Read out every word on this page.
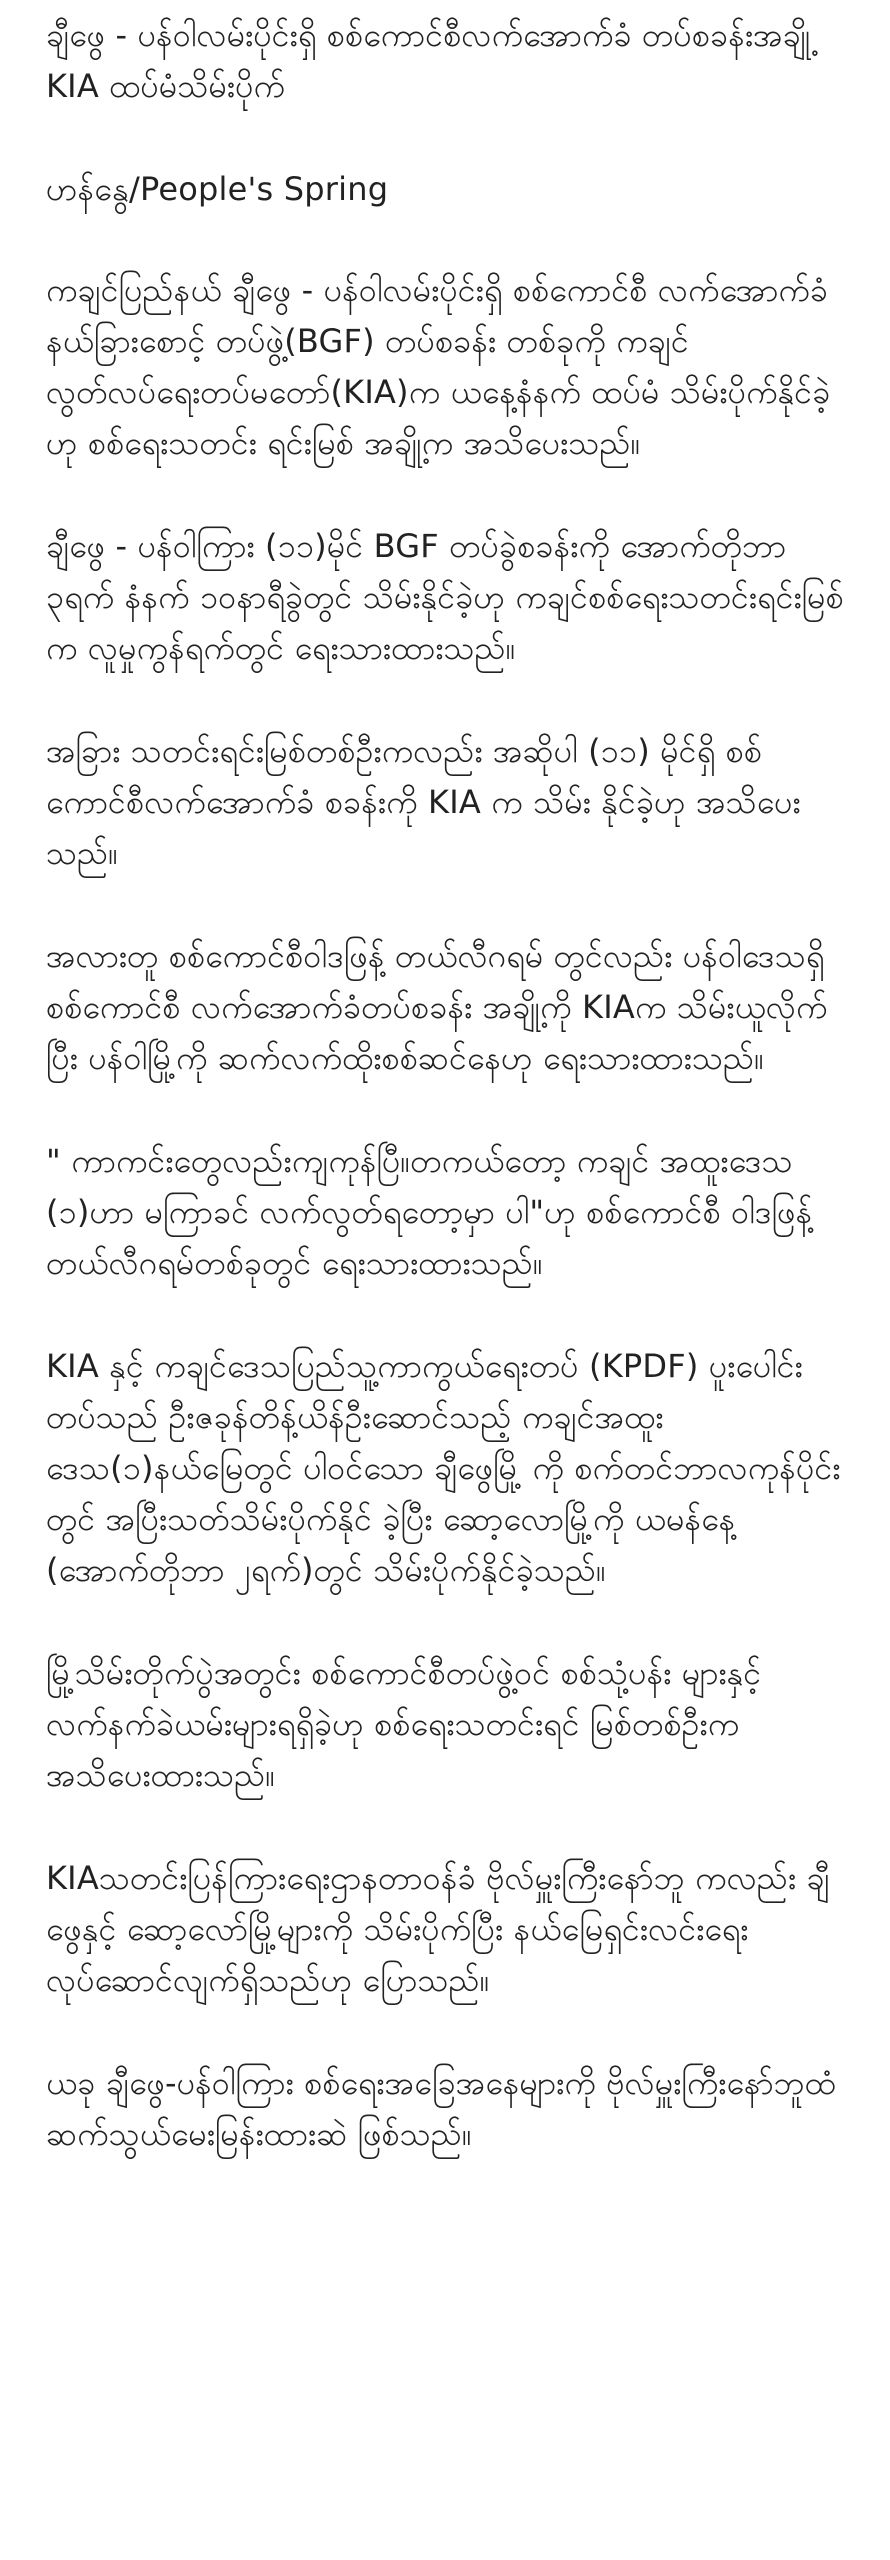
ချီဖွေ - ပန်ဝါလမ်းပိုင်းရှိ စစ်ကောင်စီလက်အောက်ခံ တပ်စခန်းအချို့ KIA ထပ်မံသိမ်းပိုက်

ဟန်နွေ/People's Spring

ကချင်ပြည်နယ် ချီဖွေ - ပန်ဝါလမ်းပိုင်းရှိ စစ်ကောင်စီ လက်အောက်ခံ နယ်ခြားစောင့် တပ်ဖွဲ့(BGF) တပ်စခန်း တစ်ခုကို ကချင် လွတ်လပ်ရေးတပ်မတော်(KIA)က ယနေ့နံနက် ထပ်မံ သိမ်းပိုက်နိုင်ခဲ့ဟု စစ်ရေးသတင်း ရင်းမြစ် အချို့က အသိပေးသည်။

ချီဖွေ - ပန်ဝါကြား (၁၁)မိုင် BGF တပ်ခွဲစခန်းကို အောက်တိုဘာ ၃ရက် နံနက် ၁၀နာရီခွဲတွင် သိမ်းနိုင်ခဲ့ဟု ကချင်စစ်ရေးသတင်းရင်းမြစ်က လူမှုကွန်ရက်တွင် ရေးသားထားသည်။

အခြား သတင်းရင်းမြစ်တစ်ဦးကလည်း အဆိုပါ (၁၁) မိုင်ရှိ စစ်ကောင်စီလက်အောက်ခံ စခန်းကို KIA က သိမ်း နိုင်ခဲ့ဟု အသိပေးသည်။

အလားတူ စစ်ကောင်စီဝါဒဖြန့် တယ်လီဂရမ် တွင်လည်း ပန်ဝါဒေသရှိ စစ်ကောင်စီ လက်အောက်ခံတပ်စခန်း အချို့ကို KIAက သိမ်းယူလိုက်ပြီး ပန်ဝါမြို့ကို ဆက်လက်ထိုးစစ်ဆင်နေဟု ရေးသားထားသည်။

" ကာကင်းတွေလည်းကျကုန်ပြီ။တကယ်တော့ ကချင် အထူးဒေသ (၁)ဟာ မကြာခင် လက်လွတ်ရတော့မှာ ပါ"ဟု စစ်ကောင်စီ ဝါဒဖြန့် တယ်လီဂရမ်တစ်ခုတွင် ရေးသားထားသည်။

KIA နှင့် ကချင်ဒေသပြည်သူ့ကာကွယ်ရေးတပ် (KPDF) ပူးပေါင်းတပ်သည် ဦးဇခုန်တိန့်ယိန်ဦးဆောင်သည့် ကချင်အထူးဒေသ(၁)နယ်မြေတွင် ပါဝင်သော ချီဖွေမြို့ ကို စက်တင်ဘာလကုန်ပိုင်းတွင် အပြီးသတ်သိမ်းပိုက်နိုင် ခဲ့ပြီး ဆော့လောမြို့ကို ယမန်နေ့ (အောက်တိုဘာ ၂ရက်)တွင် သိမ်းပိုက်နိုင်ခဲ့သည်။

မြို့သိမ်းတိုက်ပွဲအတွင်း စစ်ကောင်စီတပ်ဖွဲ့ဝင် စစ်သုံ့ပန်း များနှင့် လက်နက်ခဲယမ်းများရရှိခဲ့ဟု စစ်ရေးသတင်းရင် မြစ်တစ်ဦးက အသိပေးထားသည်။

KIAသတင်းပြန်ကြားရေးဌာနတာဝန်ခံ ဗိုလ်မှူးကြီးနော်ဘူ ကလည်း ချီဖွေနှင့် ဆော့လော်မြို့များကို သိမ်းပိုက်ပြီး နယ်မြေရှင်းလင်းရေး လုပ်ဆောင်လျက်ရှိသည်ဟု ပြောသည်။

ယခု ချီဖွေ-ပန်ဝါကြား စစ်ရေးအခြေအနေများကို ဗိုလ်မှူးကြီးနော်ဘူထံ ဆက်သွယ်မေးမြန်းထားဆဲ ဖြစ်သည်။
